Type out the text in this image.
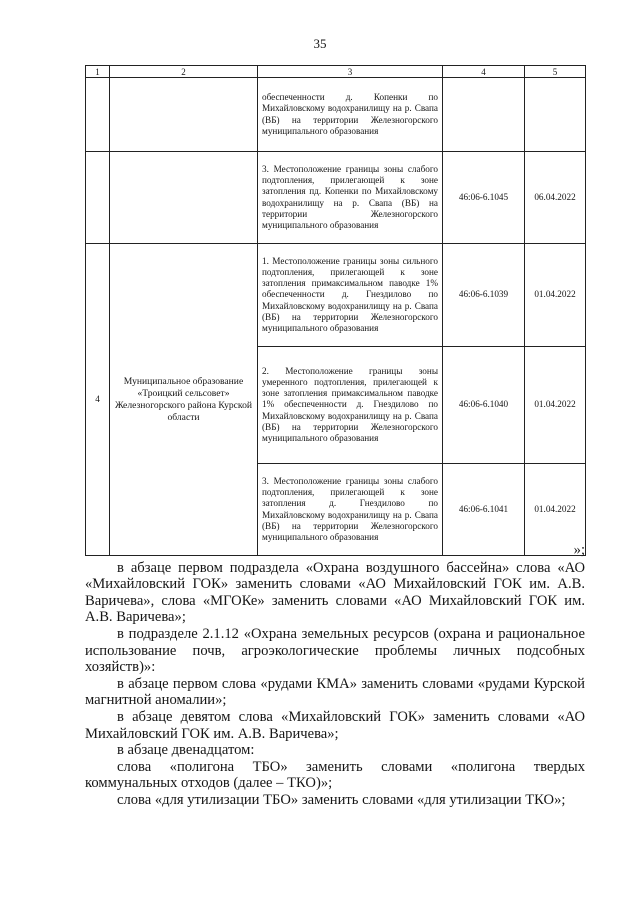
35
1	2	3	4	5
		обеспеченности д. Копенки по Михайловскому водохранилищу на р. Свапа (ВБ) на территории Железногорского муниципального образования		
		3. Местоположение границы зоны слабого подтопления, прилегающей к зоне затопления пд. Копенки по Михайловскому водохранилищу на р. Свапа (ВБ) на территории Железногорского муниципального образования	46:06-6.1045	06.04.2022
4	Муниципальное образование «Троицкий сельсовет» Железногорского района Курской области	1. Местоположение границы зоны сильного подтопления, прилегающей к зоне затопления примаксимальном паводке 1% обеспеченности д. Гнездилово по Михайловскому водохранилищу на р. Свапа (ВБ) на территории Железногорского муниципального образования	46:06-6.1039	01.04.2022
		2. Местоположение границы зоны умеренного подтопления, прилегающей к зоне затопления примаксимальном паводке 1% обеспеченности д. Гнездилово по Михайловскому водохранилищу на р. Свапа (ВБ) на территории Железногорского муниципального образования	46:06-6.1040	01.04.2022
		3. Местоположение границы зоны слабого подтопления, прилегающей к зоне затопления д. Гнездилово по Михайловскому водохранилищу на р. Свапа (ВБ) на территории Железногорского муниципального образования	46:06-6.1041	01.04.2022
»;

в абзаце первом подраздела «Охрана воздушного бассейна» слова «АО «Михайловский ГОК» заменить словами «АО Михайловский ГОК им. А.В. Варичева», слова «МГОКе» заменить словами «АО Михайловский ГОК им. А.В. Варичева»;

в подразделе 2.1.12 «Охрана земельных ресурсов (охрана и рациональное использование почв, агроэкологические проблемы личных подсобных хозяйств)»:

в абзаце первом слова «рудами КМА» заменить словами «рудами Курской магнитной аномалии»;

в абзаце девятом слова «Михайловский ГОК» заменить словами «АО Михайловский ГОК им. А.В. Варичева»;

в абзаце двенадцатом:

слова «полигона ТБО» заменить словами «полигона твердых коммунальных отходов (далее – ТКО)»;

слова «для утилизации ТБО» заменить словами «для утилизации ТКО»;
